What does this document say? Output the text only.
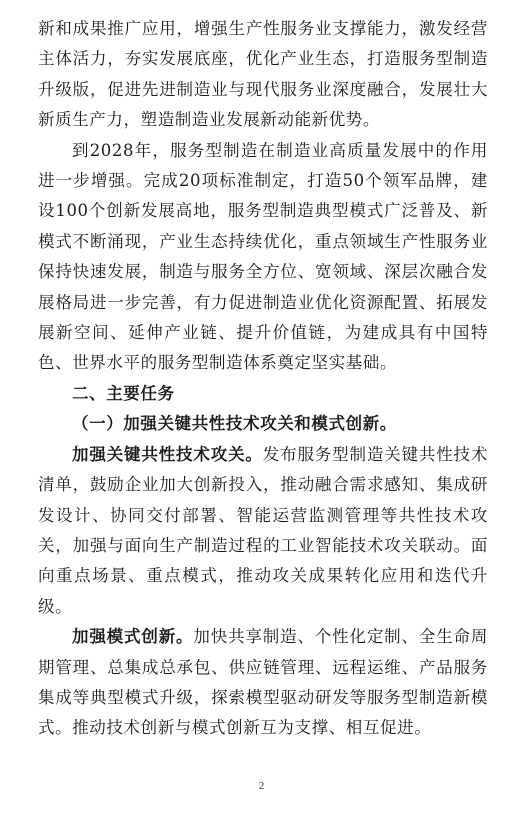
新和成果推广应用，增强生产性服务业支撑能力，激发经营主体活力，夯实发展底座，优化产业生态，打造服务型制造升级版，促进先进制造业与现代服务业深度融合，发展壮大新质生产力，塑造制造业发展新动能新优势。

到2028年，服务型制造在制造业高质量发展中的作用进一步增强。完成20项标准制定，打造50个领军品牌，建设100个创新发展高地，服务型制造典型模式广泛普及、新模式不断涌现，产业生态持续优化，重点领域生产性服务业保持快速发展，制造与服务全方位、宽领域、深层次融合发展格局进一步完善，有力促进制造业优化资源配置、拓展发展新空间、延伸产业链、提升价值链，为建成具有中国特色、世界水平的服务型制造体系奠定坚实基础。

二、主要任务

（一）加强关键共性技术攻关和模式创新。

加强关键共性技术攻关。发布服务型制造关键共性技术清单，鼓励企业加大创新投入，推动融合需求感知、集成研发设计、协同交付部署、智能运营监测管理等共性技术攻关，加强与面向生产制造过程的工业智能技术攻关联动。面向重点场景、重点模式，推动攻关成果转化应用和迭代升级。

加强模式创新。加快共享制造、个性化定制、全生命周期管理、总集成总承包、供应链管理、远程运维、产品服务集成等典型模式升级，探索模型驱动研发等服务型制造新模式。推动技术创新与模式创新互为支撑、相互促进。

2
